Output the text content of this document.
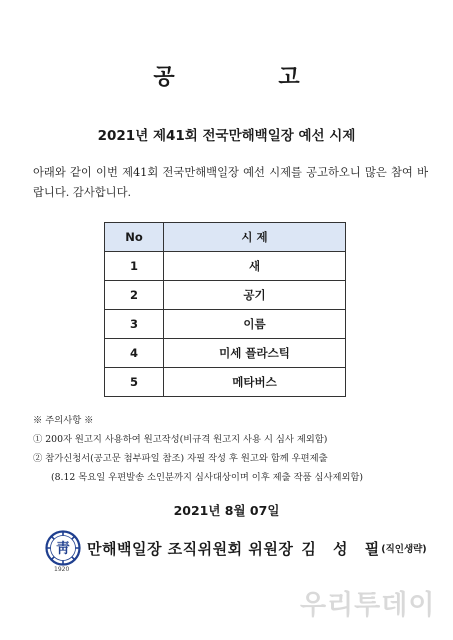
공 고
2021년 제41회 전국만해백일장 예선 시제
아래와 같이 이번 제41회 전국만해백일장 예선 시제를 공고하오니 많은 참여 바랍니다. 감사합니다.
No	시 제
1	새
2	공기
3	이름
4	미세 플라스틱
5	메타버스
※ 주의사항 ※
① 200자 원고지 사용하여 원고작성(비규격 원고지 사용 시 심사 제외함)
② 참가신청서(공고문 첨부파일 참조) 자필 작성 후 원고와 함께 우편제출
(8.12 목요일 우편발송 소인분까지 심사대상이며 이후 제출 작품 심사제외함)
2021년 8월 07일
靑 만해백일장 조직위원회 위원장 김 성 필
(직인생략)
1920
우리투데이
